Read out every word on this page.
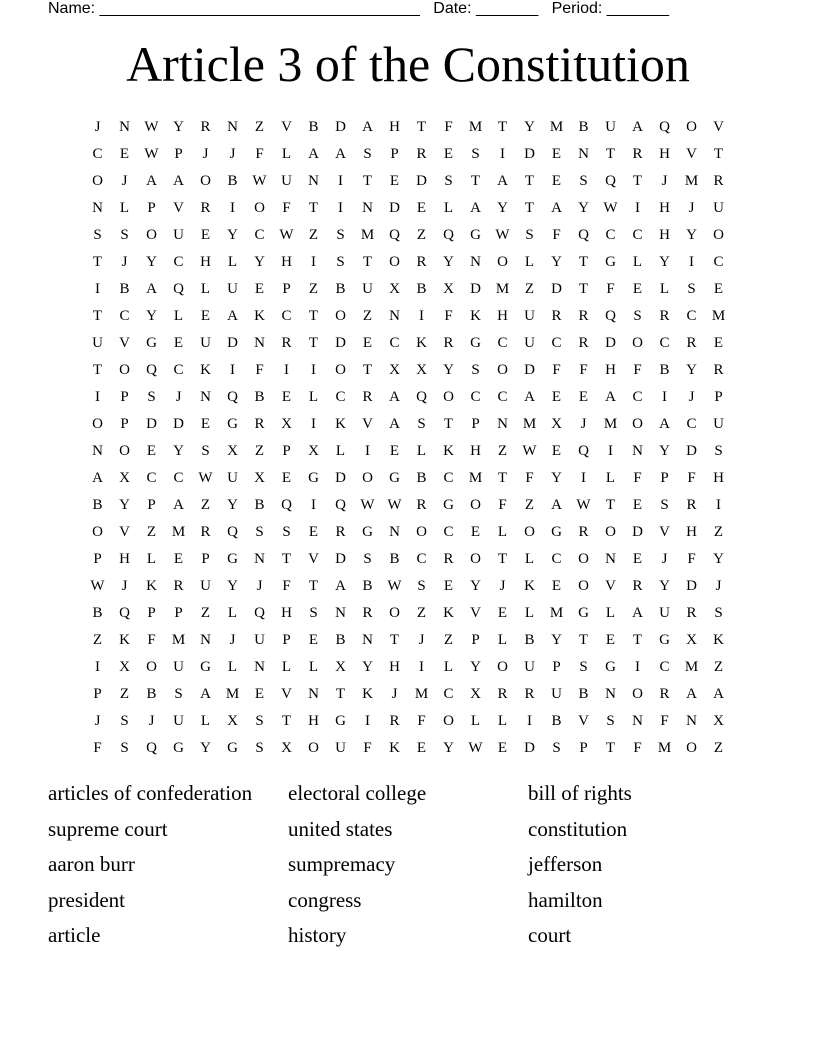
Name: ____________________________________ Date: _______ Period: _______
Article 3 of the Constitution
J	N W Y	R	N	Z	V	B	D	A	H	T	F	M	T	Y M	B	U	A	Q	O	V
C	E	W	P	J	J	F	L	A	A	S	P	R	E	S	I	D	E	N	T	R	H	V	T
O	J	A	A	O	B W U	N	I	T	E	D	S	T	A	T	E	S	Q	T	J	M	R
N	L	P	V	R	I	O	F	T	I	N	D	E	L	A	Y	T	A	Y W	I	H	J	U
S	S	O	U	E	Y	C W	Z	S	M Q	Z	Q	G W	S	F	Q	C	C	H	Y	O
T	J	Y	C	H	L	Y	H	I	S	T	O	R	Y	N	O	L	Y	T	G	L	Y	I	C
I	B	A	Q	L	U	E	P	Z	B	U	X	B	X	D M	Z	D	T	F	E	L	S	E
T	C	Y	L	E	A	K	C	T	O	Z	N	I	F	K	H	U	R	R	Q	S	R	C	M
U	V	G	E	U	D	N	R	T	D	E	C	K	R	G	C	U	C	R	D	O	C	R	E
T	O	Q	C	K	I	F	I	I	O	T	X	X	Y	S	O	D	F	F	H	F	B	Y	R
I	P	S	J	N	Q	B	E	L	C	R	A	Q	O	C	C	A	E	E	A	C	I	J	P
O	P	D	D	E	G	R	X	I	K	V	A	S	T	P	N M X	J	M O	A	C	U
N	O	E	Y	S	X	Z	P	X	L	I	E	L	K	H	Z	W	E	Q	I	N	Y	D	S
A	X	C	C W U	X	E	G	D	O	G	B	C	M	T	F	Y	I	L	F	P	F	H
B	Y	P	A	Z	Y	B	Q	I	Q W W R	G	O	F	Z	A W	T	E	S	R	I
O	V	Z	M	R	Q	S	S	E	R	G	N	O	C	E	L	O	G	R	O	D	V	H	Z
P	H	L	E	P	G	N	T	V	D	S	B	C	R	O	T	L	C	O	N	E	J	F	Y
W	J	K	R	U	Y	J	F	T	A	B W	S	E	Y	J	K	E	O	V	R	Y	D	J
B	Q	P	P	Z	L	Q	H	S	N	R	O	Z	K	V	E	L	M G	L	A	U	R	S
Z	K	F	M N	J	U	P	E	B	N	T	J	Z	P	L	B	Y	T	E	T	G	X	K
I	X	O	U	G	L	N	L	L	X	Y	H	I	L	Y	O	U	P	S	G	I	C	M	Z
P	Z	B	S	A M	E	V	N	T	K	J	M	C	X	R	R	U	B	N	O	R	A	A
J	S	J	U	L	X	S	T	H	G	I	R	F	O	L	L	I	B	V	S	N	F	N	X
F	S	Q	G	Y	G	S	X	O	U	F	K	E	Y W	E	D	S	P	T	F	M O	Z
articles of confederation	electoral college	bill of rights
supreme court	united states	constitution
aaron burr	sumpremacy	jefferson
president	congress	hamilton
article	history	court
